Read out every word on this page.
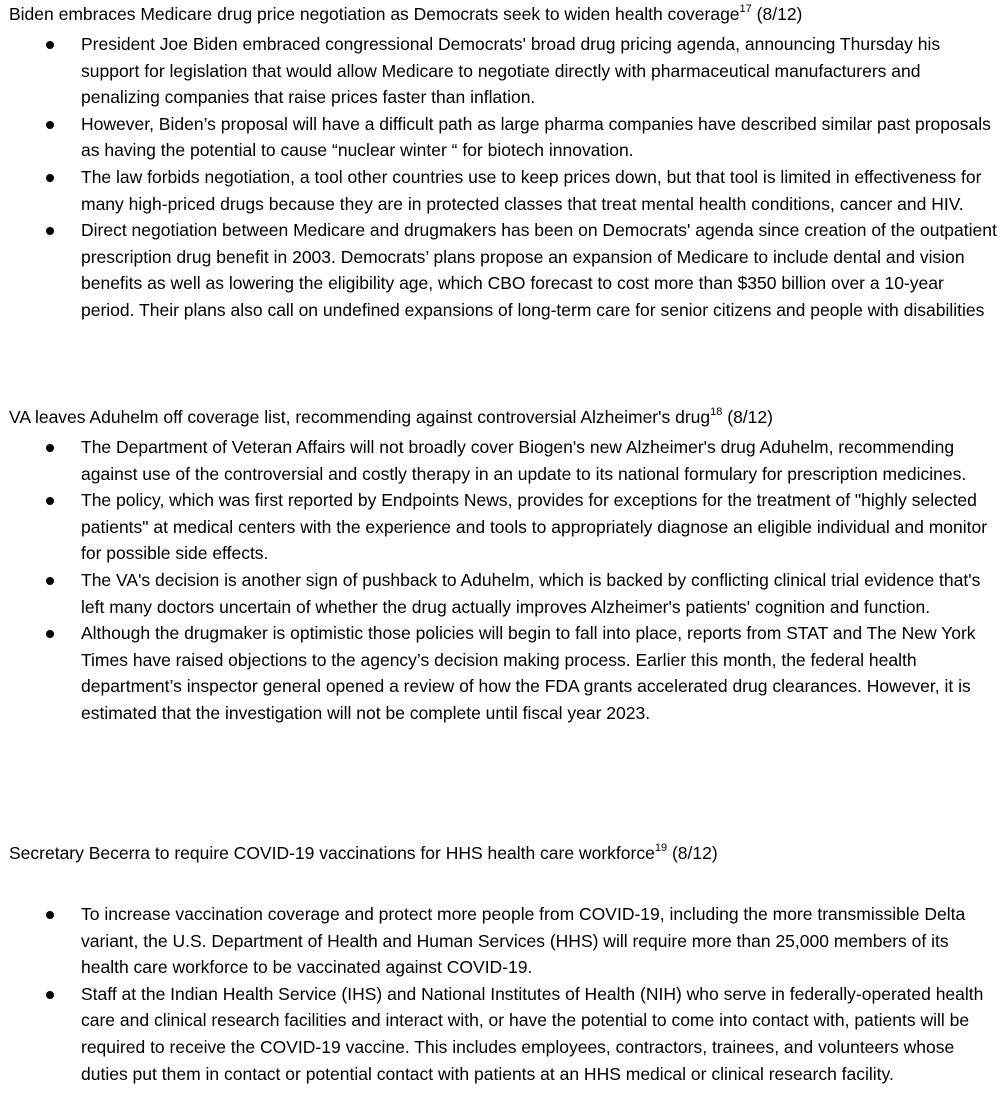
Biden embraces Medicare drug price negotiation as Democrats seek to widen health coverage$^{17}$ (8/12)
President Joe Biden embraced congressional Democrats' broad drug pricing agenda, announcing Thursday his support for legislation that would allow Medicare to negotiate directly with pharmaceutical manufacturers and penalizing companies that raise prices faster than inflation.
However, Biden’s proposal will have a difficult path as large pharma companies have described similar past proposals as having the potential to cause “nuclear winter “ for biotech innovation.
The law forbids negotiation, a tool other countries use to keep prices down, but that tool is limited in effectiveness for many high-priced drugs because they are in protected classes that treat mental health conditions, cancer and HIV.
Direct negotiation between Medicare and drugmakers has been on Democrats' agenda since creation of the outpatient prescription drug benefit in 2003. Democrats’ plans propose an expansion of Medicare to include dental and vision benefits as well as lowering the eligibility age, which CBO forecast to cost more than $350 billion over a 10-year period. Their plans also call on undefined expansions of long-term care for senior citizens and people with disabilities
VA leaves Aduhelm off coverage list, recommending against controversial Alzheimer's drug$^{18}$ (8/12)
The Department of Veteran Affairs will not broadly cover Biogen's new Alzheimer's drug Aduhelm, recommending against use of the controversial and costly therapy in an update to its national formulary for prescription medicines.
The policy, which was first reported by Endpoints News, provides for exceptions for the treatment of "highly selected patients" at medical centers with the experience and tools to appropriately diagnose an eligible individual and monitor for possible side effects.
The VA's decision is another sign of pushback to Aduhelm, which is backed by conflicting clinical trial evidence that's left many doctors uncertain of whether the drug actually improves Alzheimer's patients' cognition and function.
Although the drugmaker is optimistic those policies will begin to fall into place, reports from STAT and The New York Times have raised objections to the agency’s decision making process. Earlier this month, the federal health department’s inspector general opened a review of how the FDA grants accelerated drug clearances. However, it is estimated that the investigation will not be complete until fiscal year 2023.
Secretary Becerra to require COVID-19 vaccinations for HHS health care workforce$^{19}$ (8/12)
To increase vaccination coverage and protect more people from COVID-19, including the more transmissible Delta variant, the U.S. Department of Health and Human Services (HHS) will require more than 25,000 members of its health care workforce to be vaccinated against COVID-19.
Staff at the Indian Health Service (IHS) and National Institutes of Health (NIH) who serve in federally-operated health care and clinical research facilities and interact with, or have the potential to come into contact with, patients will be required to receive the COVID-19 vaccine. This includes employees, contractors, trainees, and volunteers whose duties put them in contact or potential contact with patients at an HHS medical or clinical research facility.
